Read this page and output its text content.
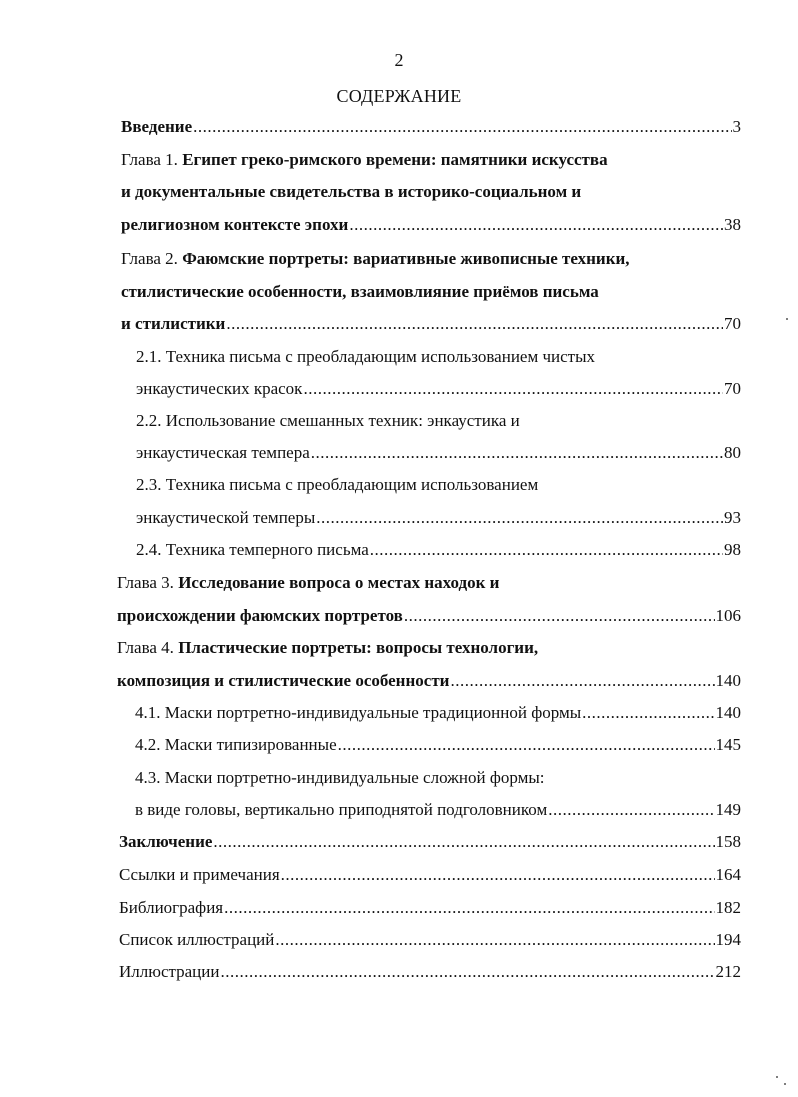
2
СОДЕРЖАНИЕ
Введение .....	3
Глава 1. Египет греко-римского времени: памятники искусства
и документальные свидетельства в историко-социальном и
религиозном контексте эпохи .....	38
Глава 2. Фаюмские портреты: вариативные живописные техники,
стилистические особенности, взаимовлияние приёмов письма
и стилистики .....	70
2.1. Техника письма с преобладающим использованием чистых
энкаустических красок .....	70
2.2. Использование смешанных техник: энкаустика и
энкаустическая темпера .....	80
2.3. Техника письма с преобладающим использованием
энкаустической темперы .....	93
2.4. Техника темперного письма .....	98
Глава 3. Исследование вопроса о местах находок и
происхождении фаюмских портретов .....	106
Глава 4. Пластические портреты: вопросы технологии,
композиция и стилистические особенности .....	140
4.1. Маски портретно-индивидуальные традиционной формы .....	140
4.2. Маски типизированные .....	145
4.3. Маски портретно-индивидуальные сложной формы:
в виде головы, вертикально приподнятой подголовником .....	149
Заключение .....	158
Ссылки и примечания .....	164
Библиография .....	182
Список иллюстраций .....	194
Иллюстрации .....	212
